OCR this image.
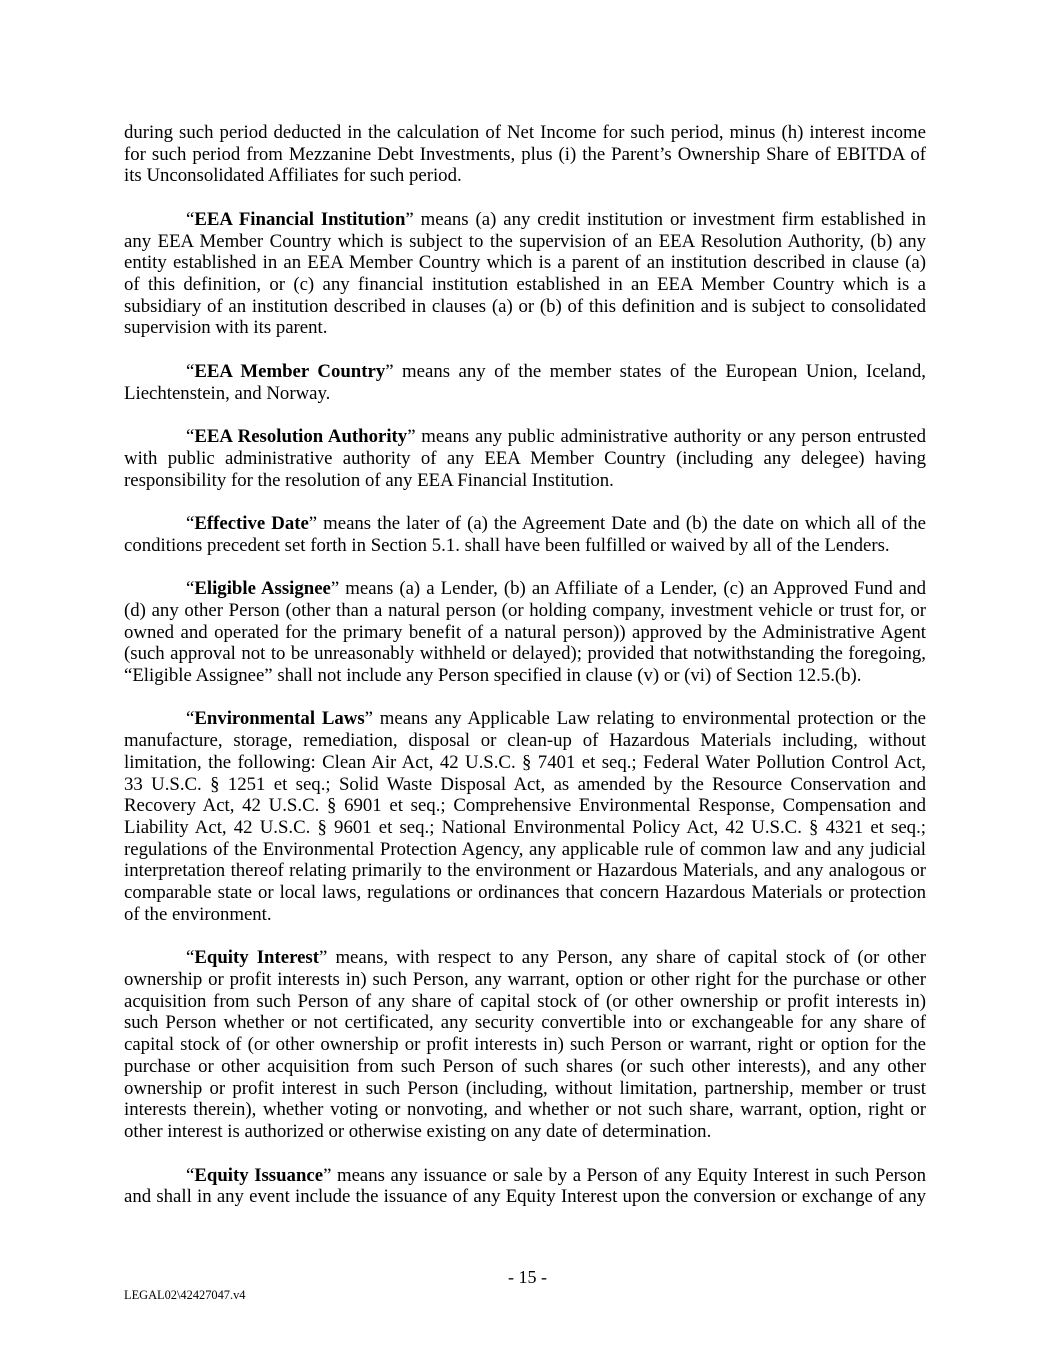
during such period deducted in the calculation of Net Income for such period, minus (h) interest income
for such period from Mezzanine Debt Investments, plus (i) the Parent’s Ownership Share of EBITDA of
its Unconsolidated Affiliates for such period.
“EEA Financial Institution” means (a) any credit institution or investment firm established in
any EEA Member Country which is subject to the supervision of an EEA Resolution Authority, (b) any
entity established in an EEA Member Country which is a parent of an institution described in clause (a)
of this definition, or (c) any financial institution established in an EEA Member Country which is a
subsidiary of an institution described in clauses (a) or (b) of this definition and is subject to consolidated
supervision with its parent.
“EEA Member Country” means any of the member states of the European Union, Iceland,
Liechtenstein, and Norway.
“EEA Resolution Authority” means any public administrative authority or any person entrusted
with public administrative authority of any EEA Member Country (including any delegee) having
responsibility for the resolution of any EEA Financial Institution.
“Effective Date” means the later of (a) the Agreement Date and (b) the date on which all of the
conditions precedent set forth in Section 5.1. shall have been fulfilled or waived by all of the Lenders.
“Eligible Assignee” means (a) a Lender, (b) an Affiliate of a Lender, (c) an Approved Fund and
(d) any other Person (other than a natural person (or holding company, investment vehicle or trust for, or
owned and operated for the primary benefit of a natural person)) approved by the Administrative Agent
(such approval not to be unreasonably withheld or delayed); provided that notwithstanding the foregoing,
“Eligible Assignee” shall not include any Person specified in clause (v) or (vi) of Section 12.5.(b).
“Environmental Laws” means any Applicable Law relating to environmental protection or the
manufacture, storage, remediation, disposal or clean-up of Hazardous Materials including, without
limitation, the following: Clean Air Act, 42 U.S.C. § 7401 et seq.; Federal Water Pollution Control Act,
33 U.S.C. § 1251 et seq.; Solid Waste Disposal Act, as amended by the Resource Conservation and
Recovery Act, 42 U.S.C. § 6901 et seq.; Comprehensive Environmental Response, Compensation and
Liability Act, 42 U.S.C. § 9601 et seq.; National Environmental Policy Act, 42 U.S.C. § 4321 et seq.;
regulations of the Environmental Protection Agency, any applicable rule of common law and any judicial
interpretation thereof relating primarily to the environment or Hazardous Materials, and any analogous or
comparable state or local laws, regulations or ordinances that concern Hazardous Materials or protection
of the environment.
“Equity Interest” means, with respect to any Person, any share of capital stock of (or other
ownership or profit interests in) such Person, any warrant, option or other right for the purchase or other
acquisition from such Person of any share of capital stock of (or other ownership or profit interests in)
such Person whether or not certificated, any security convertible into or exchangeable for any share of
capital stock of (or other ownership or profit interests in) such Person or warrant, right or option for the
purchase or other acquisition from such Person of such shares (or such other interests), and any other
ownership or profit interest in such Person (including, without limitation, partnership, member or trust
interests therein), whether voting or nonvoting, and whether or not such share, warrant, option, right or
other interest is authorized or otherwise existing on any date of determination.
“Equity Issuance” means any issuance or sale by a Person of any Equity Interest in such Person
and shall in any event include the issuance of any Equity Interest upon the conversion or exchange of any
- 15 -
LEGAL02\42427047.v4
